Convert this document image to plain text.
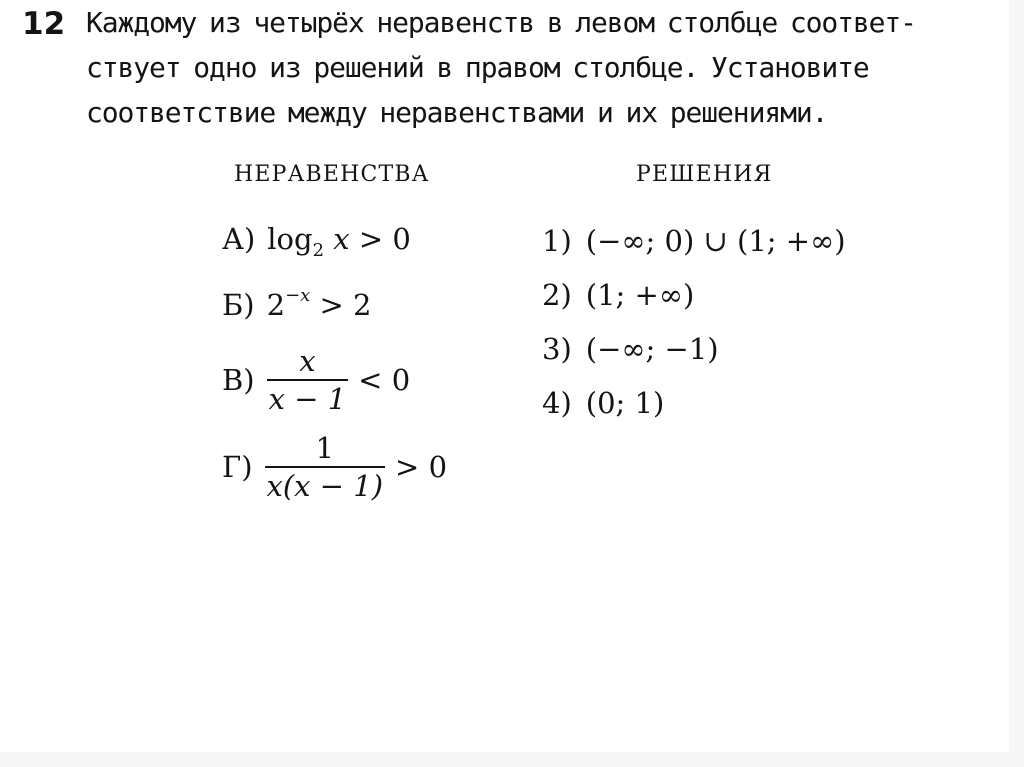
12 Каждому из четырёх неравенств в левом столбце соответ-
ствует одно из решений в правом столбце. Установите
соответствие между неравенствами и их решениями.
НЕРАВЕНСТВА	РЕШЕНИЯ
А) $\log_2 x > 0$
Б) $2^{-x} > 2$
$В) \frac{x}{x - 1} < 0$
$Г) \frac{1}{x(x - 1)} > 0$
1) (−∞; 0) ∪ (1; +∞)
2) (1; +∞)
3) (−∞; −1)
4) (0; 1)
